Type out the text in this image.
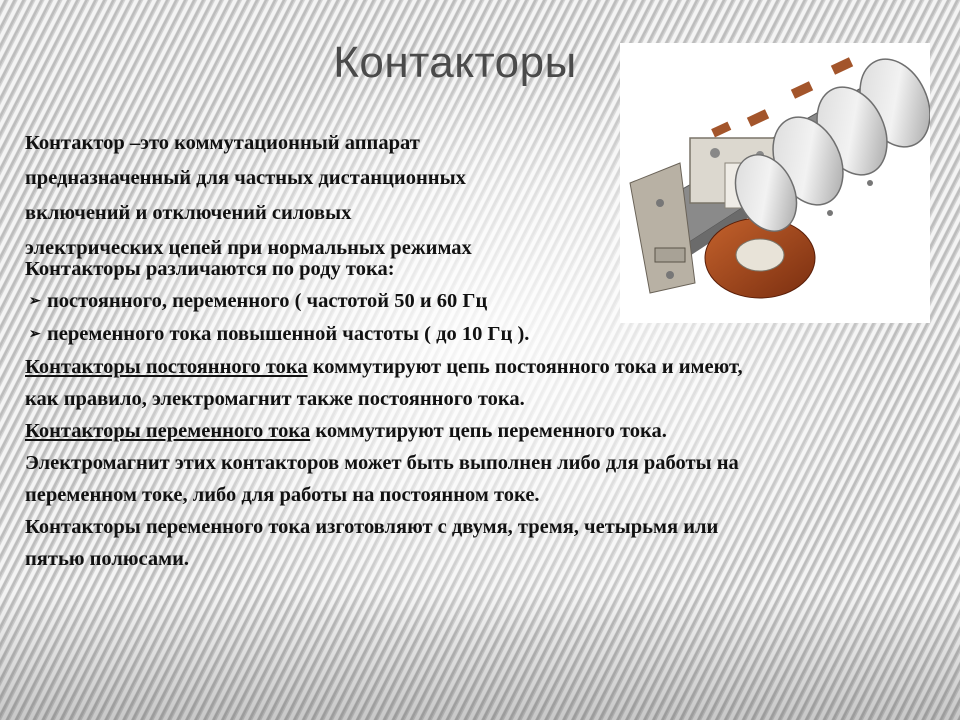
Контакторы
Контактор –это коммутационный аппарат
предназначенный для частных дистанционных
включений и отключений силовых
электрических цепей при нормальных режимах
Контакторы различаются по роду тока:
➢ постоянного, переменного ( частотой 50 и 60 Гц
➢ переменного тока повышенной частоты ( до 10 Гц ).
Контакторы постоянного тока коммутируют цепь постоянного тока и имеют,
как правило, электромагнит также постоянного тока.
Контакторы переменного тока коммутируют цепь переменного тока.
Электромагнит этих контакторов может быть выполнен либо для работы на
переменном токе, либо для работы на постоянном токе.
Контакторы переменного тока изготовляют с двумя, тремя, четырьмя или
пятью полюсами.
